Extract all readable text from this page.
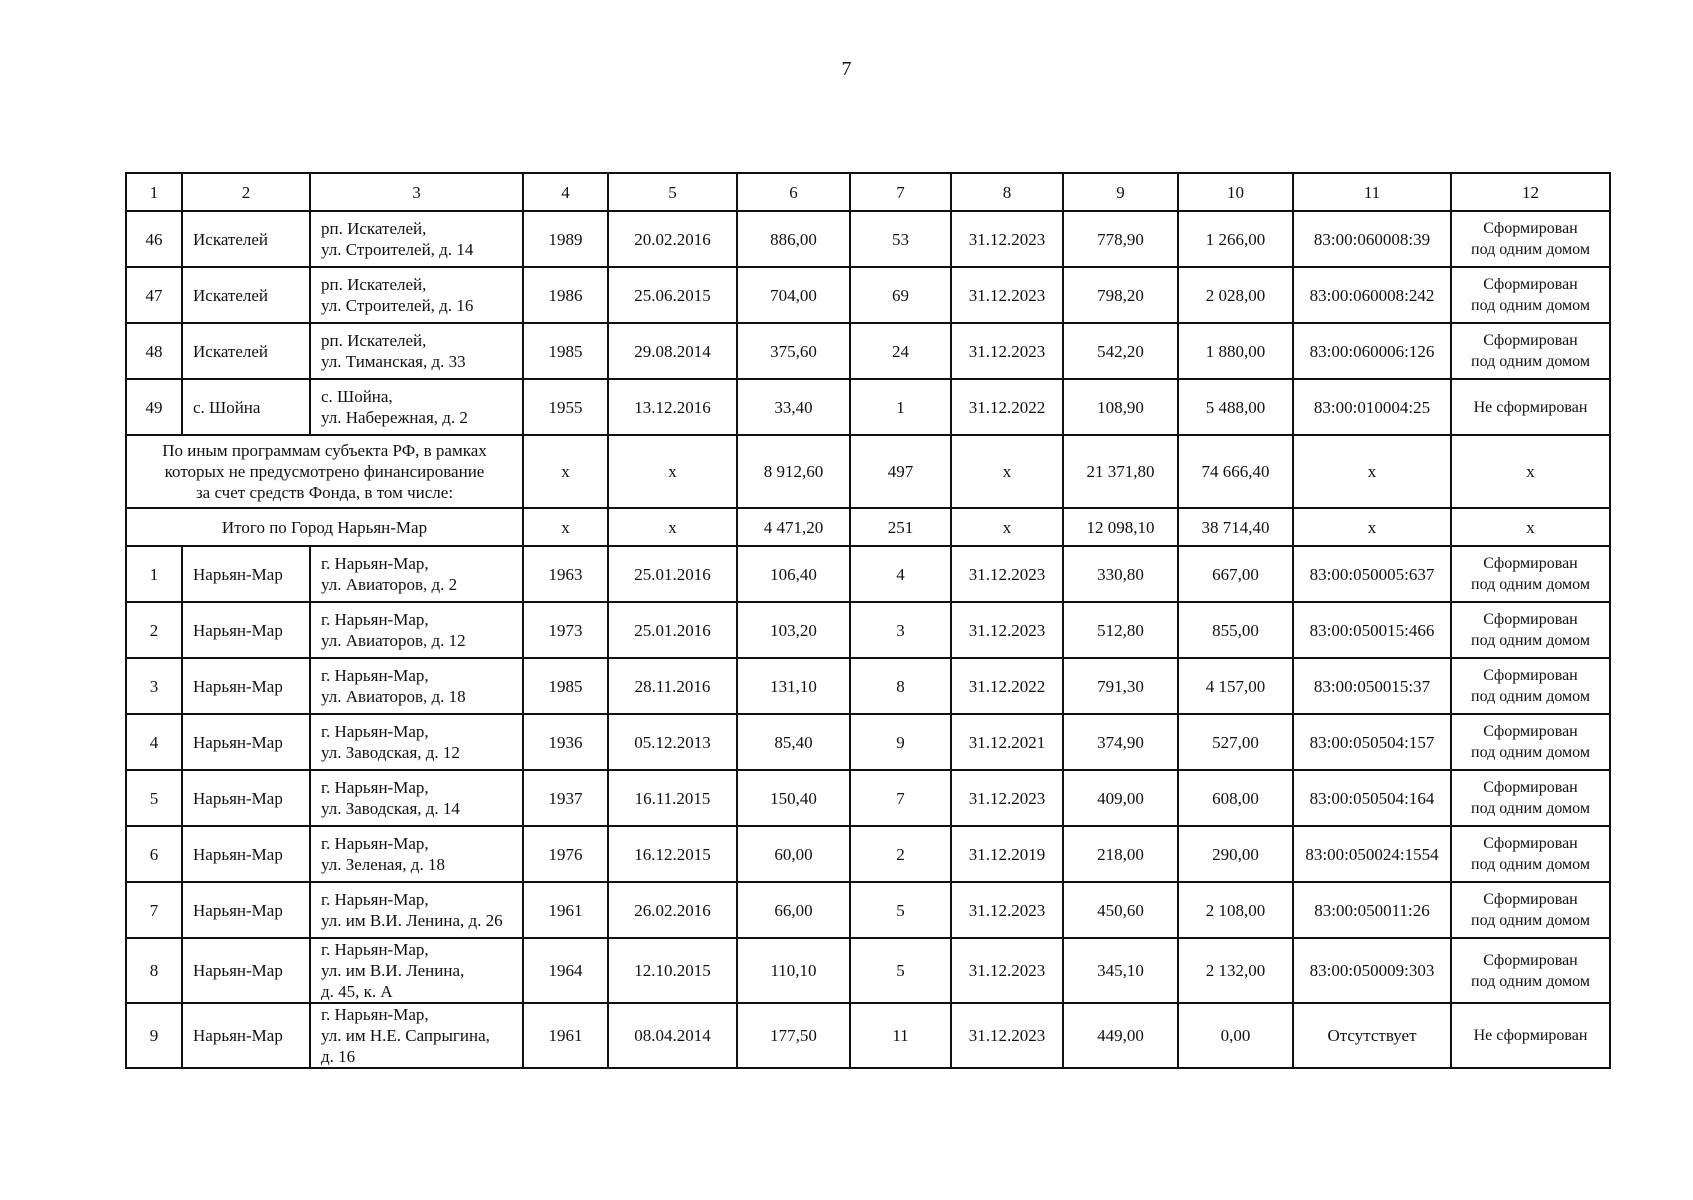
7
1	2	3	4	5	6	7	8	9	10	11	12
46	Искателей	рп. Искателей,
ул. Строителей, д. 14	1989	20.02.2016	886,00	53	31.12.2023	778,90	1 266,00	83:00:060008:39	Сформирован
под одним домом

47	Искателей	рп. Искателей,
ул. Строителей, д. 16	1986	25.06.2015	704,00	69	31.12.2023	798,20	2 028,00	83:00:060008:242	Сформирован
под одним домом

48	Искателей	рп. Искателей,
ул. Тиманская, д. 33	1985	29.08.2014	375,60	24	31.12.2023	542,20	1 880,00	83:00:060006:126	Сформирован
под одним домом

49	с. Шойна	с. Шойна,
ул. Набережная, д. 2	1955	13.12.2016	33,40	1	31.12.2022	108,90	5 488,00	83:00:010004:25	Не сформирован

По иным программам субъекта РФ, в рамках
которых не предусмотрено финансирование
за счет средств Фонда, в том числе:			x	x	8 912,60	497	x	21 371,80	74 666,40	x	x
Итого по Город Нарьян-Мар			x	x	4 471,20	251	x	12 098,10	38 714,40	x	x
1	Нарьян-Мар	г. Нарьян-Мар,
ул. Авиаторов, д. 2	1963	25.01.2016	106,40	4	31.12.2023	330,80	667,00	83:00:050005:637	Сформирован
под одним домом

2	Нарьян-Мар	г. Нарьян-Мар,
ул. Авиаторов, д. 12	1973	25.01.2016	103,20	3	31.12.2023	512,80	855,00	83:00:050015:466	Сформирован
под одним домом

3	Нарьян-Мар	г. Нарьян-Мар,
ул. Авиаторов, д. 18	1985	28.11.2016	131,10	8	31.12.2022	791,30	4 157,00	83:00:050015:37	Сформирован
под одним домом

4	Нарьян-Мар	г. Нарьян-Мар,
ул. Заводская, д. 12	1936	05.12.2013	85,40	9	31.12.2021	374,90	527,00	83:00:050504:157	Сформирован
под одним домом

5	Нарьян-Мар	г. Нарьян-Мар,
ул. Заводская, д. 14	1937	16.11.2015	150,40	7	31.12.2023	409,00	608,00	83:00:050504:164	Сформирован
под одним домом

6	Нарьян-Мар	г. Нарьян-Мар,
ул. Зеленая, д. 18	1976	16.12.2015	60,00	2	31.12.2019	218,00	290,00	83:00:050024:1554	Сформирован
под одним домом

7	Нарьян-Мар	г. Нарьян-Мар,
ул. им В.И. Ленина, д. 26	1961	26.02.2016	66,00	5	31.12.2023	450,60	2 108,00	83:00:050011:26	Сформирован
под одним домом

8	Нарьян-Мар	г. Нарьян-Мар,
ул. им В.И. Ленина,
д. 45, к. А	1964	12.10.2015	110,10	5	31.12.2023	345,10	2 132,00	83:00:050009:303	Сформирован
под одним домом

9	Нарьян-Мар	г. Нарьян-Мар,
ул. им Н.Е. Сапрыгина,
д. 16	1961	08.04.2014	177,50	11	31.12.2023	449,00	0,00	Отсутствует	Не сформирован
